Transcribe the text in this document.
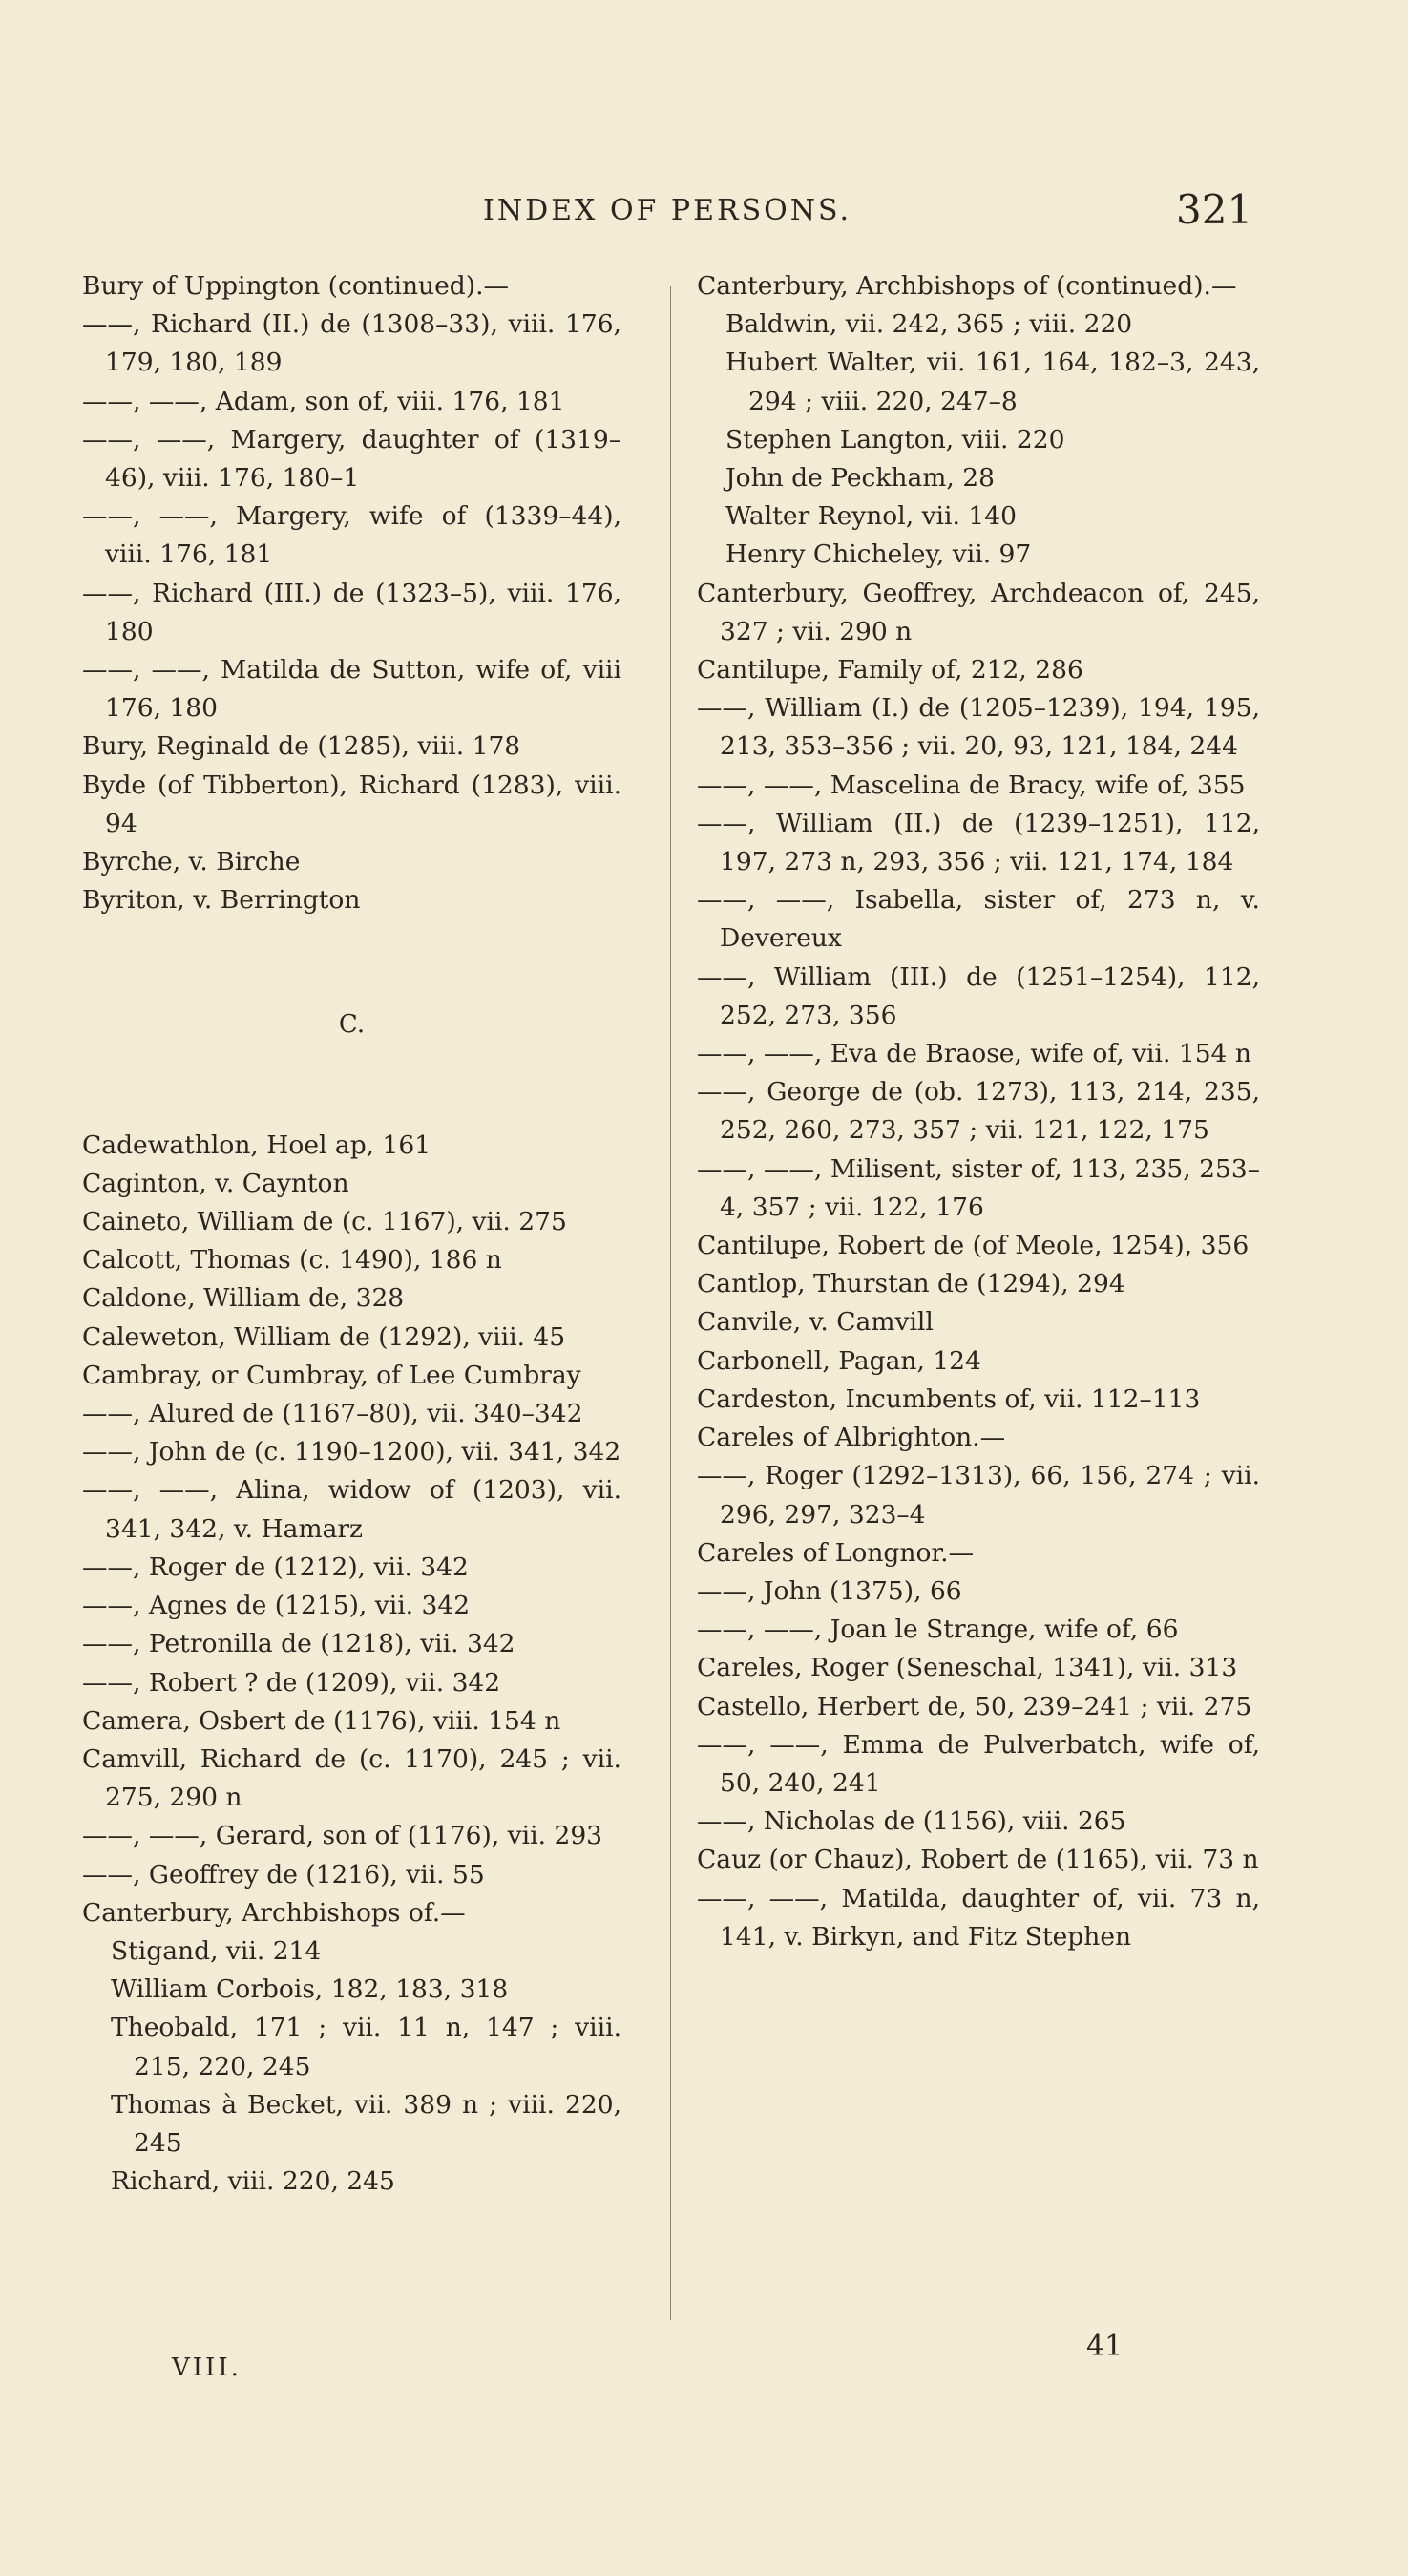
INDEX OF PERSONS.	321

Bury of Uppington (continued).—

——, Richard (II.) de (1308–33), viii. 176, 179, 180, 189

——, ——, Adam, son of, viii. 176, 181

——, ——, Margery, daughter of (1319–46), viii. 176, 180–1

——, ——, Margery, wife of (1339–44), viii. 176, 181

——, Richard (III.) de (1323–5), viii. 176, 180

——, ——, Matilda de Sutton, wife of, viii 176, 180

Bury, Reginald de (1285), viii. 178

Byde (of Tibberton), Richard (1283), viii. 94

Byrche, v. Birche

Byriton, v. Berrington

C.

Cadewathlon, Hoel ap, 161

Caginton, v. Caynton

Caineto, William de (c. 1167), vii. 275

Calcott, Thomas (c. 1490), 186 n

Caldone, William de, 328

Caleweton, William de (1292), viii. 45

Cambray, or Cumbray, of Lee Cumbray

——, Alured de (1167–80), vii. 340–342

——, John de (c. 1190–1200), vii. 341, 342

——, ——, Alina, widow of (1203), vii. 341, 342, v. Hamarz

——, Roger de (1212), vii. 342

——, Agnes de (1215), vii. 342

——, Petronilla de (1218), vii. 342

——, Robert ? de (1209), vii. 342

Camera, Osbert de (1176), viii. 154 n

Camvill, Richard de (c. 1170), 245 ; vii. 275, 290 n

——, ——, Gerard, son of (1176), vii. 293

——, Geoffrey de (1216), vii. 55

Canterbury, Archbishops of.—

Stigand, vii. 214

William Corbois, 182, 183, 318

Theobald, 171 ; vii. 11 n, 147 ; viii. 215, 220, 245

Thomas à Becket, vii. 389 n ; viii. 220, 245

Richard, viii. 220, 245

Canterbury, Archbishops of (continued).—

Baldwin, vii. 242, 365 ; viii. 220

Hubert Walter, vii. 161, 164, 182–3, 243, 294 ; viii. 220, 247–8

Stephen Langton, viii. 220

John de Peckham, 28

Walter Reynol, vii. 140

Henry Chicheley, vii. 97

Canterbury, Geoffrey, Archdeacon of, 245, 327 ; vii. 290 n

Cantilupe, Family of, 212, 286

——, William (I.) de (1205–1239), 194, 195, 213, 353–356 ; vii. 20, 93, 121, 184, 244

——, ——, Mascelina de Bracy, wife of, 355

——, William (II.) de (1239–1251), 112, 197, 273 n, 293, 356 ; vii. 121, 174, 184

——, ——, Isabella, sister of, 273 n, v. Devereux

——, William (III.) de (1251–1254), 112, 252, 273, 356

——, ——, Eva de Braose, wife of, vii. 154 n

——, George de (ob. 1273), 113, 214, 235, 252, 260, 273, 357 ; vii. 121, 122, 175

——, ——, Milisent, sister of, 113, 235, 253–4, 357 ; vii. 122, 176

Cantilupe, Robert de (of Meole, 1254), 356

Cantlop, Thurstan de (1294), 294

Canvile, v. Camvill

Carbonell, Pagan, 124

Cardeston, Incumbents of, vii. 112–113

Careles of Albrighton.—

——, Roger (1292–1313), 66, 156, 274 ; vii. 296, 297, 323–4

Careles of Longnor.—

——, John (1375), 66

——, ——, Joan le Strange, wife of, 66

Careles, Roger (Seneschal, 1341), vii. 313

Castello, Herbert de, 50, 239–241 ; vii. 275

——, ——, Emma de Pulverbatch, wife of, 50, 240, 241

——, Nicholas de (1156), viii. 265

Cauz (or Chauz), Robert de (1165), vii. 73 n

——, ——, Matilda, daughter of, vii. 73 n, 141, v. Birkyn, and Fitz Stephen

VIII.
41
